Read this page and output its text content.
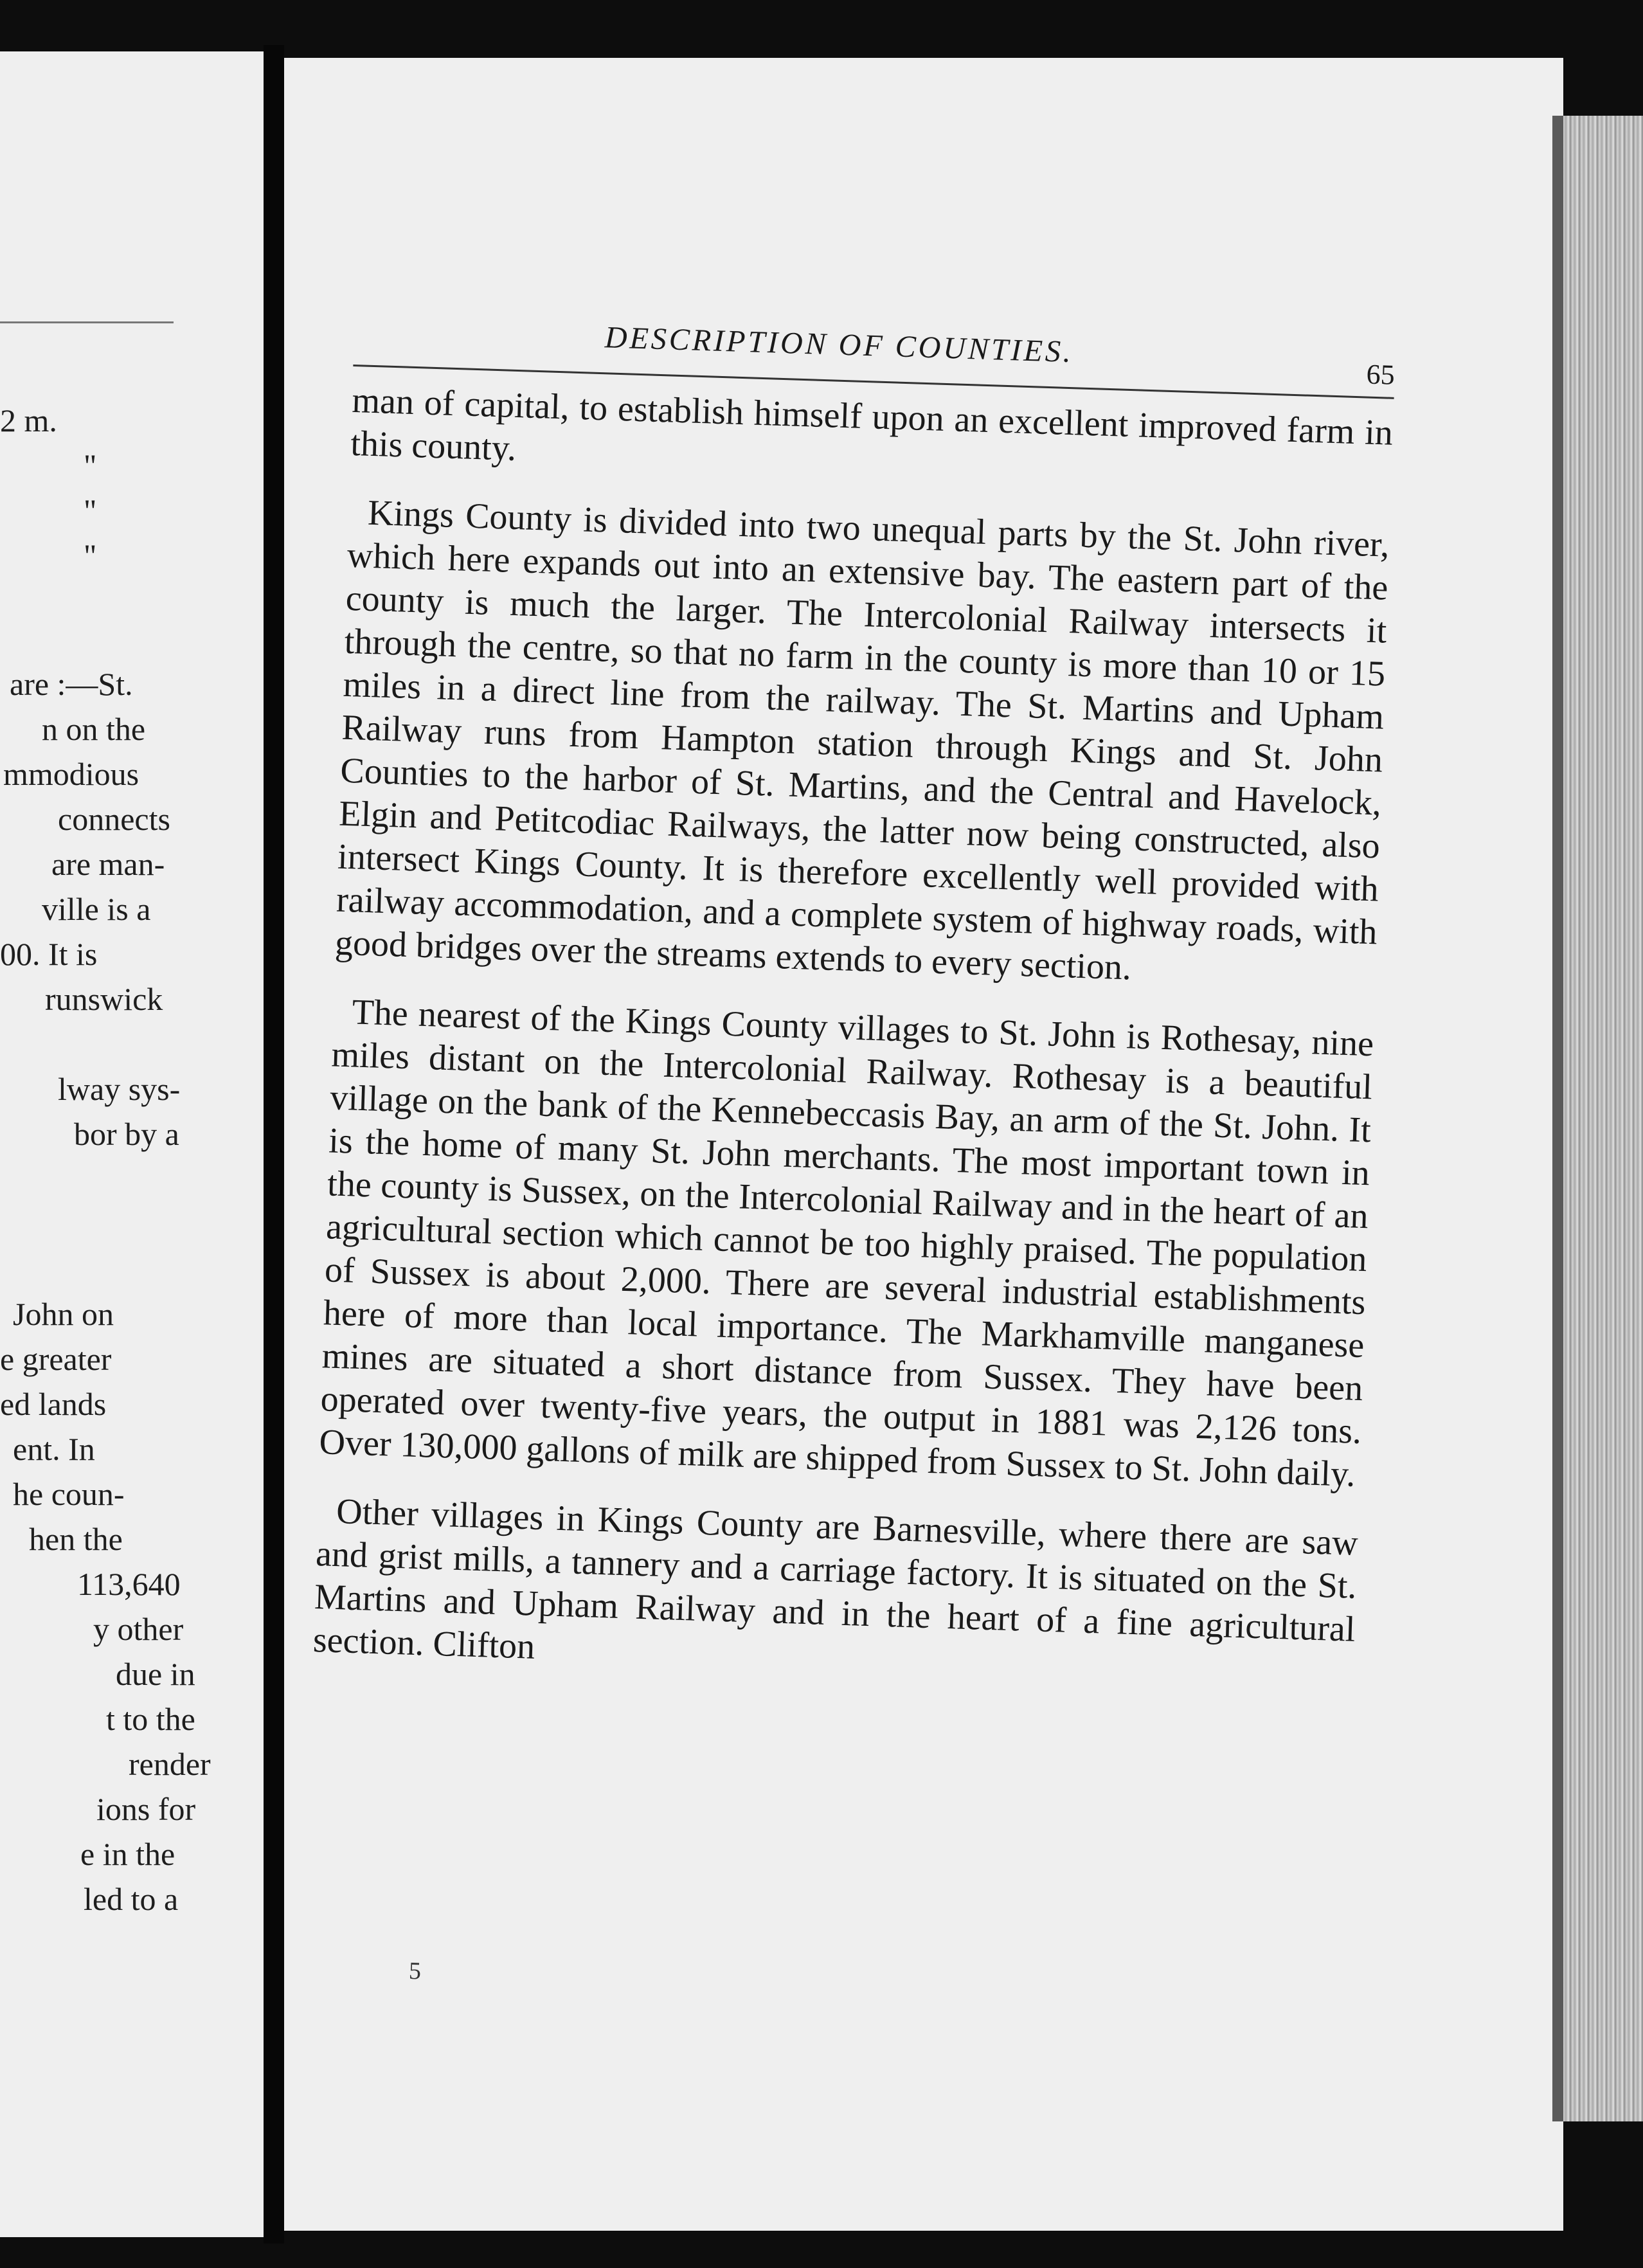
2 m.
"
"
"
are :—St.
n on the
mmodious
connects
are man-
ville is a
00. It is
runswick
lway sys-
bor by a
John on
e greater
ed lands
ent. In
he coun-
hen the
113,640
y other
due in
t to the
render
ions for
e in the
led to a
DESCRIPTION OF COUNTIES.
65

man of capital, to establish himself upon an excellent improved farm in this county.

Kings County is divided into two unequal parts by the St. John river, which here expands out into an extensive bay. The eastern part of the county is much the larger. The Intercolonial Railway intersects it through the centre, so that no farm in the county is more than 10 or 15 miles in a direct line from the railway. The St. Martins and Upham Railway runs from Hampton station through Kings and St. John Counties to the harbor of St. Martins, and the Central and Havelock, Elgin and Petitcodiac Railways, the latter now being constructed, also intersect Kings County. It is therefore excellently well provided with railway accommodation, and a complete system of highway roads, with good bridges over the streams extends to every section.

The nearest of the Kings County villages to St. John is Rothesay, nine miles distant on the Intercolonial Railway. Rothesay is a beautiful village on the bank of the Kennebeccasis Bay, an arm of the St. John. It is the home of many St. John merchants. The most important town in the county is Sussex, on the Intercolonial Railway and in the heart of an agricultural section which cannot be too highly praised. The population of Sussex is about 2,000. There are several industrial establishments here of more than local importance. The Markhamville manganese mines are situated a short distance from Sussex. They have been operated over twenty-five years, the output in 1881 was 2,126 tons. Over 130,000 gallons of milk are shipped from Sussex to St. John daily.

Other villages in Kings County are Barnesville, where there are saw and grist mills, a tannery and a carriage factory. It is situated on the St. Martins and Upham Railway and in the heart of a fine agricultural section. Clifton

5
